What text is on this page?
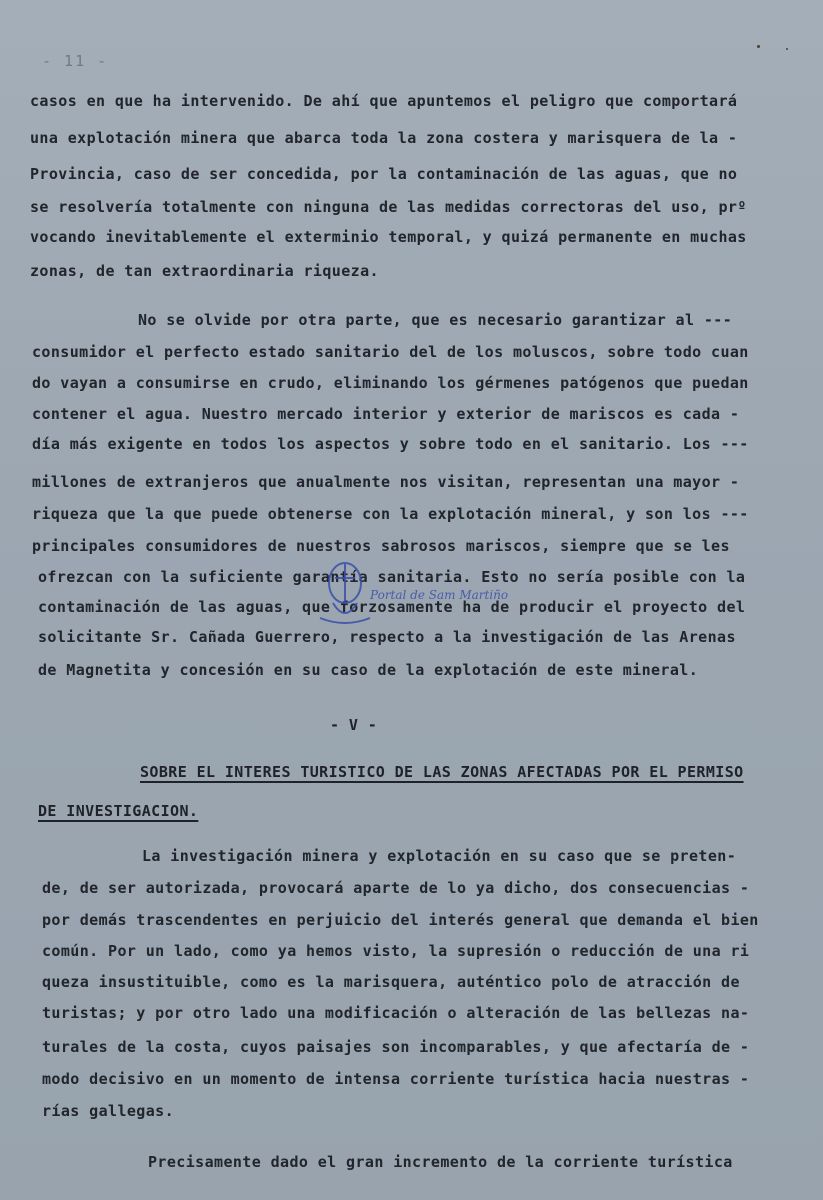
- 11 -
casos en que ha intervenido. De ahí que apuntemos el peligro que comportará
una explotación minera que abarca toda la zona costera y marisquera de la -
Provincia, caso de ser concedida, por la contaminación de las aguas, que no
se resolvería totalmente con ninguna de las medidas correctoras del uso, prº
vocando inevitablemente el exterminio temporal, y quizá permanente en muchas
zonas, de tan extraordinaria riqueza.
No se olvide por otra parte, que es necesario garantizar al ---
consumidor el perfecto estado sanitario del de los moluscos, sobre todo cuan
do vayan a consumirse en crudo, eliminando los gérmenes patógenos que puedan
contener el agua. Nuestro mercado interior y exterior de mariscos es cada -
día más exigente en todos los aspectos y sobre todo en el sanitario. Los ---
millones de extranjeros que anualmente nos visitan, representan una mayor -
riqueza que la que puede obtenerse con la explotación mineral, y son los ---
principales consumidores de nuestros sabrosos mariscos, siempre que se les
ofrezcan con la suficiente garantía sanitaria. Esto no sería posible con la
contaminación de las aguas, que forzosamente ha de producir el proyecto del
solicitante Sr. Cañada Guerrero, respecto a la investigación de las Arenas
de Magnetita y concesión en su caso de la explotación de este mineral.
- V -
SOBRE EL INTERES TURISTICO DE LAS ZONAS AFECTADAS POR EL PERMISO
DE INVESTIGACION.
La investigación minera y explotación en su caso que se preten-
de, de ser autorizada, provocará aparte de lo ya dicho, dos consecuencias -
por demás trascendentes en perjuicio del interés general que demanda el bien
común. Por un lado, como ya hemos visto, la supresión o reducción de una ri
queza insustituible, como es la marisquera, auténtico polo de atracción de
turistas; y por otro lado una modificación o alteración de las bellezas na-
turales de la costa, cuyos paisajes son incomparables, y que afectaría de -
modo decisivo en un momento de intensa corriente turística hacia nuestras -
rías gallegas.
Precisamente dado el gran incremento de la corriente turística
Portal de Sam Martiño
